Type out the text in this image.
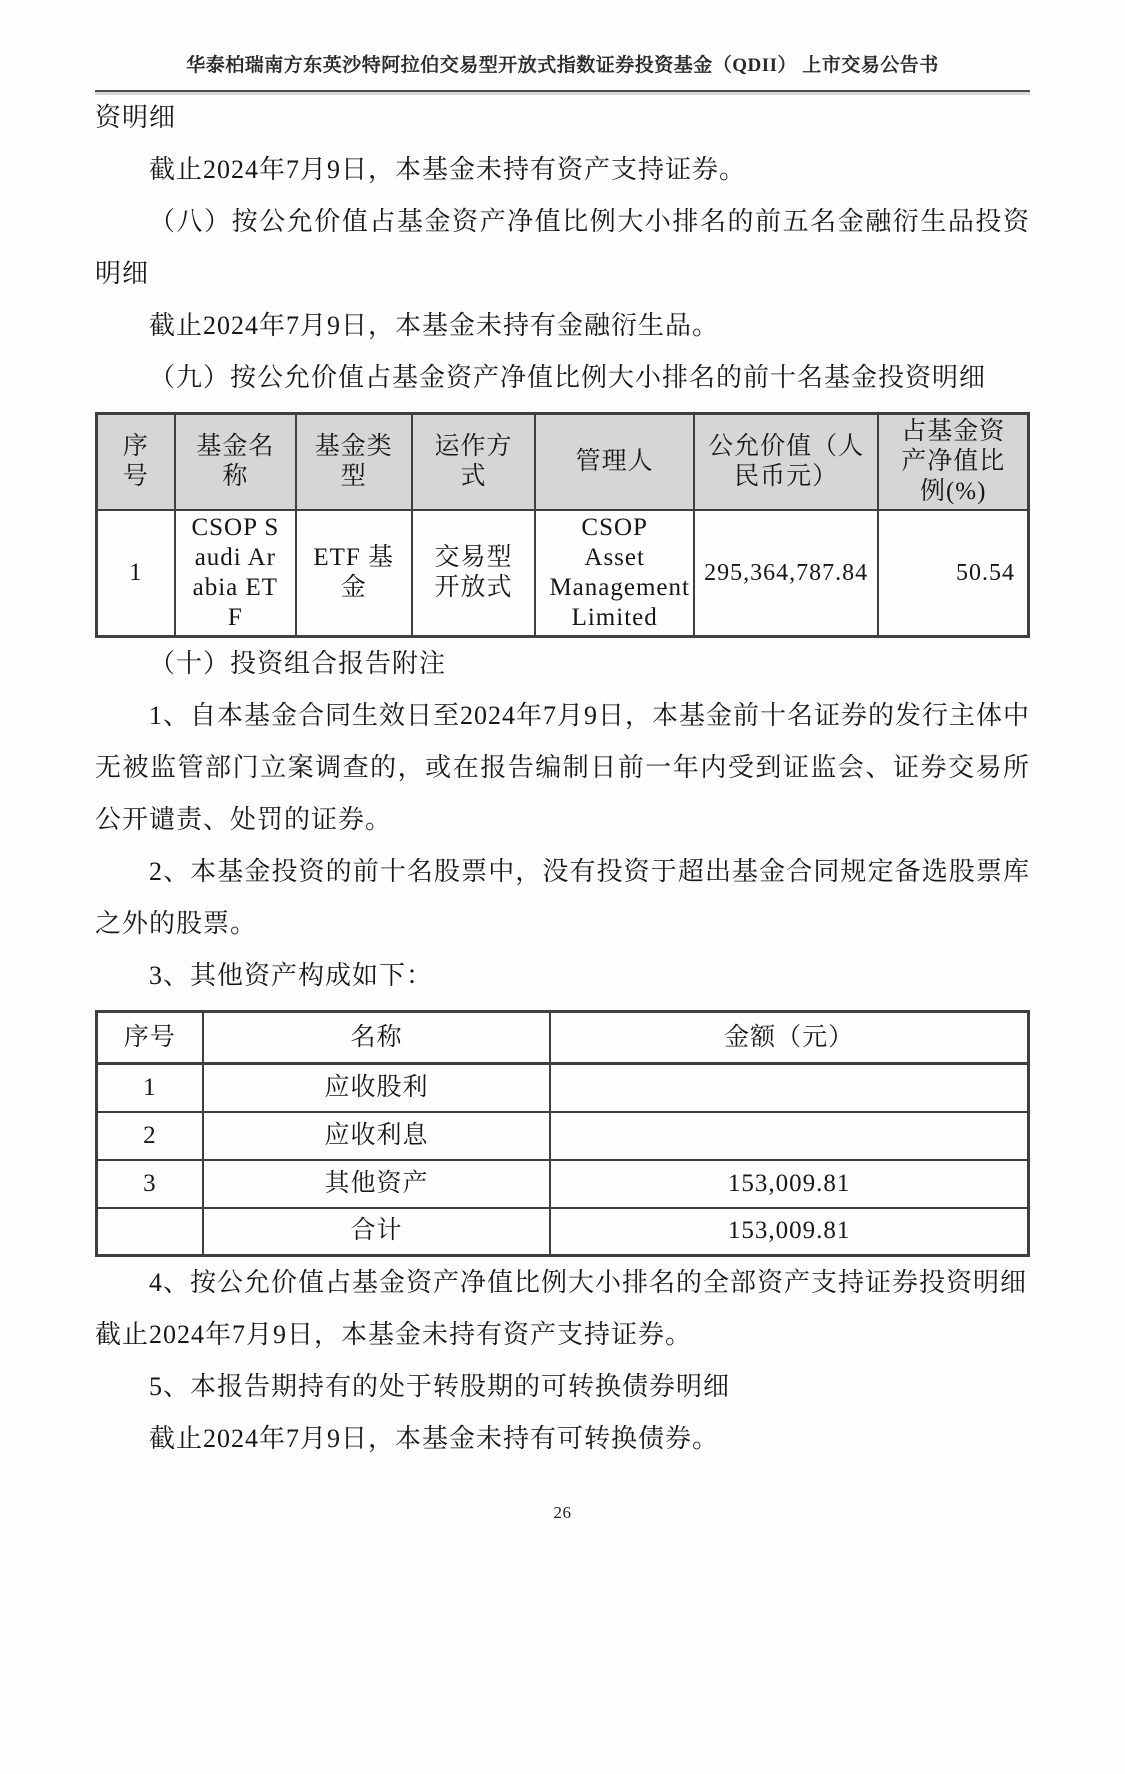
华泰柏瑞南方东英沙特阿拉伯交易型开放式指数证券投资基金（QDII） 上市交易公告书

资明细

截止2024年7月9日，本基金未持有资产支持证券。

（八）按公允价值占基金资产净值比例大小排名的前五名金融衍生品投资明细

截止2024年7月9日，本基金未持有金融衍生品。

（九）按公允价值占基金资产净值比例大小排名的前十名基金投资明细

序号	基金名称	基金类型	运作方式	管理人	公允价值（人民币元）	占基金资产净值比例(%)
1	CSOP Saudi Arabia ETF	ETF 基金	交易型开放式	CSOP Asset Management Limited	295,364,787.84	50.54

（十）投资组合报告附注

1、自本基金合同生效日至2024年7月9日，本基金前十名证券的发行主体中无被监管部门立案调查的，或在报告编制日前一年内受到证监会、证券交易所公开谴责、处罚的证券。

2、本基金投资的前十名股票中，没有投资于超出基金合同规定备选股票库之外的股票。

3、其他资产构成如下：

序号	名称	金额（元）
1	应收股利	
2	应收利息	
3	其他资产	153,009.81
	合计	153,009.81

4、按公允价值占基金资产净值比例大小排名的全部资产支持证券投资明细

截止2024年7月9日，本基金未持有资产支持证券。

5、本报告期持有的处于转股期的可转换债券明细

截止2024年7月9日，本基金未持有可转换债券。

26
